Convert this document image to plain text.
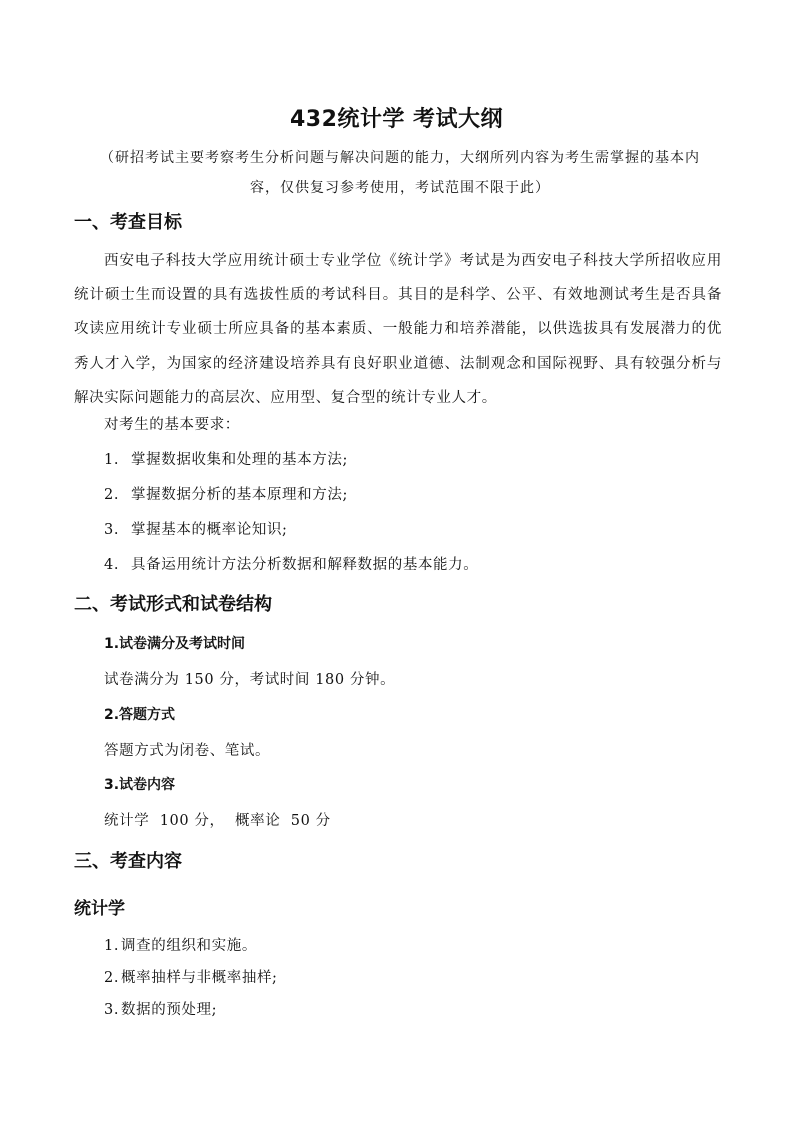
432统计学 考试大纲
（研招考试主要考察考生分析问题与解决问题的能力，大纲所列内容为考生需掌握的基本内容，仅供复习参考使用，考试范围不限于此）
一、考查目标

西安电子科技大学应用统计硕士专业学位《统计学》考试是为西安电子科技大学所招收应用统计硕士生而设置的具有选拔性质的考试科目。其目的是科学、公平、有效地测试考生是否具备攻读应用统计专业硕士所应具备的基本素质、一般能力和培养潜能，以供选拔具有发展潜力的优秀人才入学，为国家的经济建设培养具有良好职业道德、法制观念和国际视野、具有较强分析与解决实际问题能力的高层次、应用型、复合型的统计专业人才。

对考生的基本要求：
1. 掌握数据收集和处理的基本方法;
2. 掌握数据分析的基本原理和方法;
3. 掌握基本的概率论知识;
4. 具备运用统计方法分析数据和解释数据的基本能力。
二、考试形式和试卷结构
1.试卷满分及考试时间
试卷满分为 150 分，考试时间 180 分钟。
2.答题方式
答题方式为闭卷、笔试。
3.试卷内容
统计学  100 分，  概率论  50 分
三、考查内容
统计学
1. 调查的组织和实施。
2. 概率抽样与非概率抽样;
3. 数据的预处理;
